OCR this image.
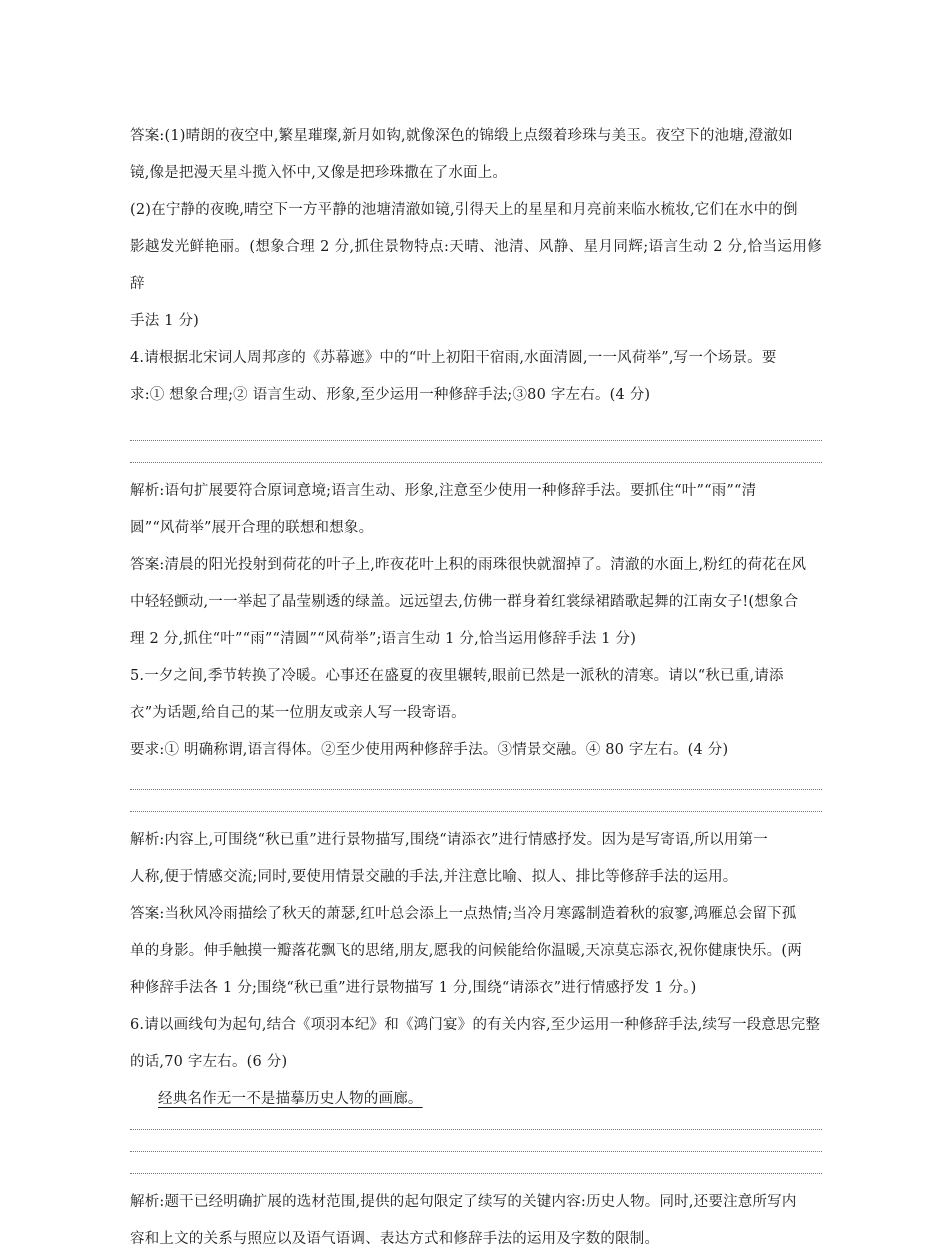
答案:(1)晴朗的夜空中,繁星璀璨,新月如钩,就像深色的锦缎上点缀着珍珠与美玉。夜空下的池塘,澄澈如

镜,像是把漫天星斗揽入怀中,又像是把珍珠撒在了水面上。

(2)在宁静的夜晚,晴空下一方平静的池塘清澈如镜,引得天上的星星和月亮前来临水梳妆,它们在水中的倒

影越发光鲜艳丽。(想象合理 2 分,抓住景物特点:天晴、池清、风静、星月同辉;语言生动 2 分,恰当运用修辞

手法 1 分)

4.请根据北宋词人周邦彦的《苏幕遮》中的“叶上初阳干宿雨,水面清圆,一一风荷举”,写一个场景。要

求:① 想象合理;② 语言生动、形象,至少运用一种修辞手法;③80 字左右。(4 分)

解析:语句扩展要符合原词意境;语言生动、形象,注意至少使用一种修辞手法。要抓住“叶”“雨”“清

圆”“风荷举”展开合理的联想和想象。

答案:清晨的阳光投射到荷花的叶子上,昨夜花叶上积的雨珠很快就溜掉了。清澈的水面上,粉红的荷花在风

中轻轻颤动,一一举起了晶莹剔透的绿盖。远远望去,仿佛一群身着红裳绿裙踏歌起舞的江南女子!(想象合

理 2 分,抓住“叶”“雨”“清圆”“风荷举”;语言生动 1 分,恰当运用修辞手法 1 分)

5.一夕之间,季节转换了冷暖。心事还在盛夏的夜里辗转,眼前已然是一派秋的清寒。请以“秋已重,请添

衣”为话题,给自己的某一位朋友或亲人写一段寄语。

要求:① 明确称谓,语言得体。②至少使用两种修辞手法。③情景交融。④ 80 字左右。(4 分)

解析:内容上,可围绕“秋已重”进行景物描写,围绕“请添衣”进行情感抒发。因为是写寄语,所以用第一

人称,便于情感交流;同时,要使用情景交融的手法,并注意比喻、拟人、排比等修辞手法的运用。

答案:当秋风冷雨描绘了秋天的萧瑟,红叶总会添上一点热情;当冷月寒露制造着秋的寂寥,鸿雁总会留下孤

单的身影。伸手触摸一瓣落花飘飞的思绪,朋友,愿我的问候能给你温暖,天凉莫忘添衣,祝你健康快乐。(两

种修辞手法各 1 分;围绕“秋已重”进行景物描写 1 分,围绕“请添衣”进行情感抒发 1 分。)

6.请以画线句为起句,结合《项羽本纪》和《鸿门宴》的有关内容,至少运用一种修辞手法,续写一段意思完整

的话,70 字左右。(6 分)

经典名作无一不是描摹历史人物的画廊。

解析:题干已经明确扩展的选材范围,提供的起句限定了续写的关键内容:历史人物。同时,还要注意所写内

容和上文的关系与照应以及语气语调、表达方式和修辞手法的运用及字数的限制。
